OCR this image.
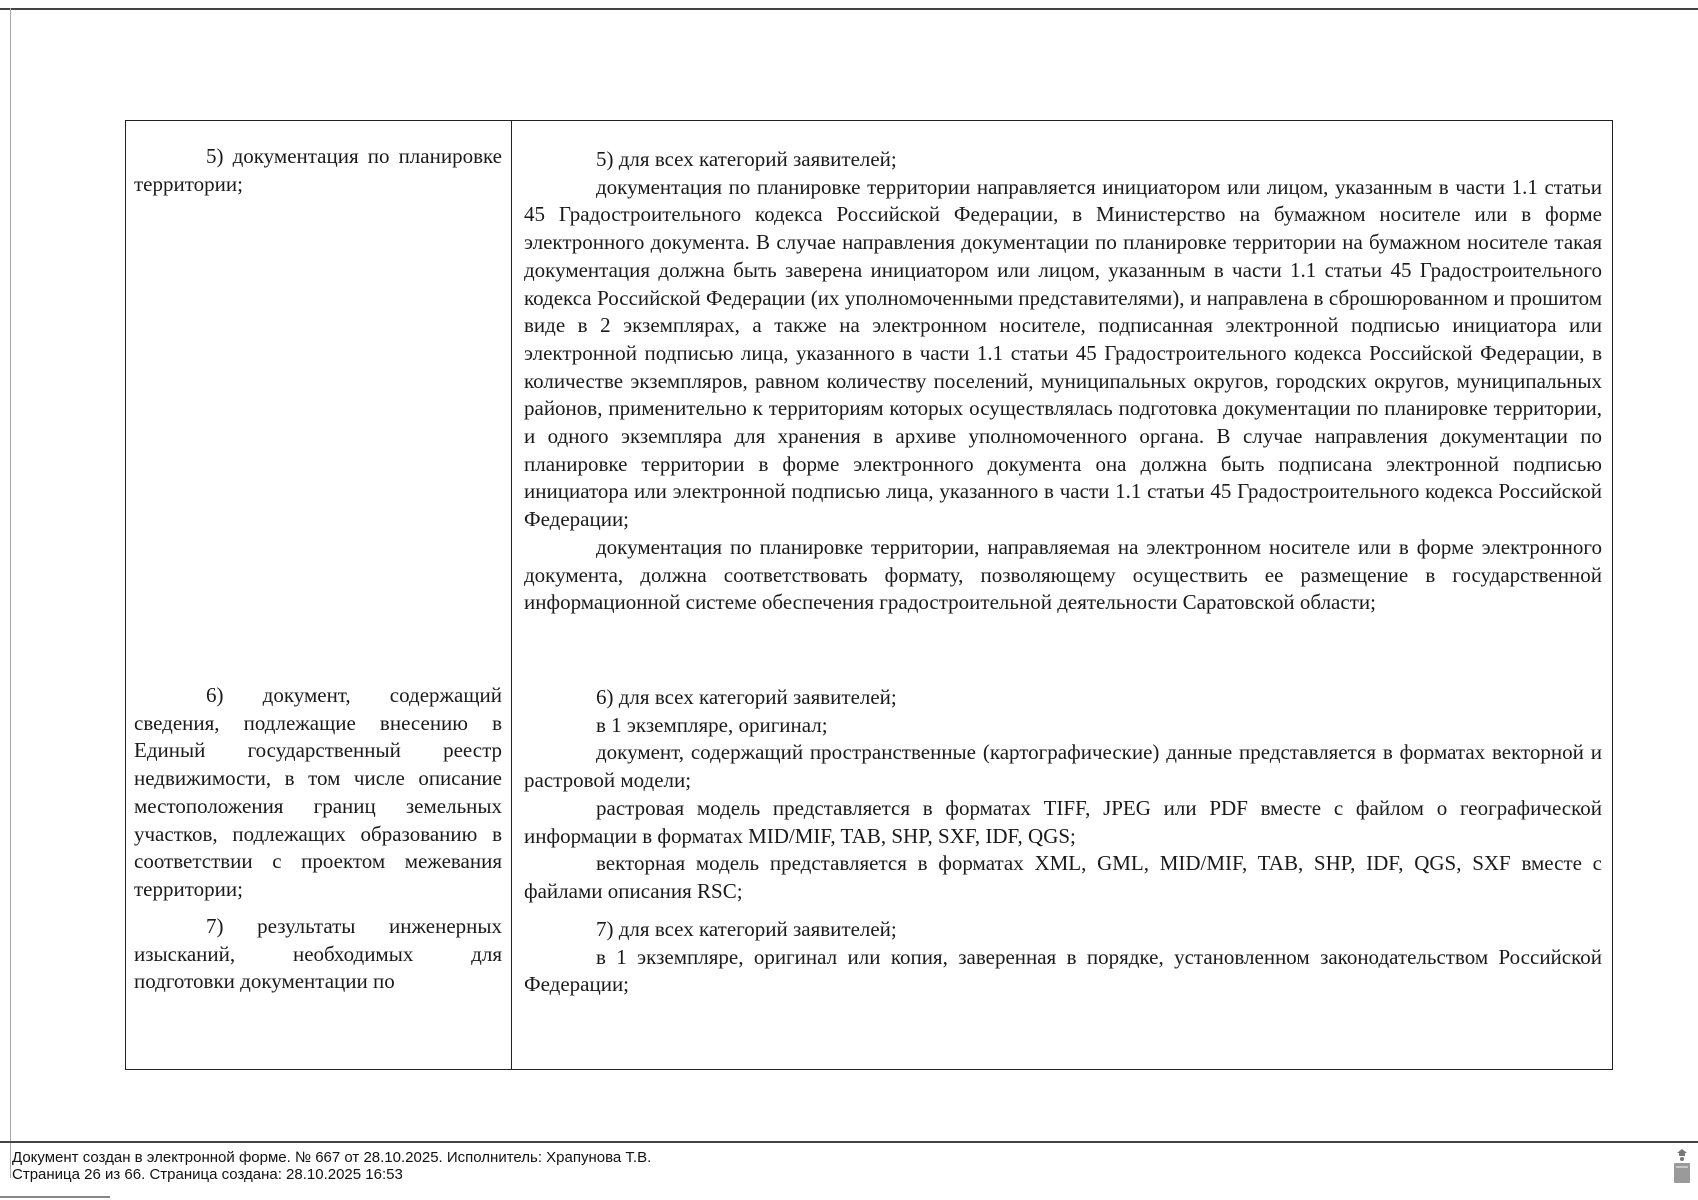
5) документация по планировке территории;

6) документ, содержащий сведения, подлежащие внесению в Единый государственный реестр недвижимости, в том числе описание местоположения границ земельных участков, подлежащих образованию в соответствии с проектом межевания территории;

7) результаты инженерных изысканий, необходимых для подготовки документации по

5) для всех категорий заявителей;

документация по планировке территории направляется инициатором или лицом, указанным в части 1.1 статьи 45 Градостроительного кодекса Российской Федерации, в Министерство на бумажном носителе или в форме электронного документа. В случае направления документации по планировке территории на бумажном носителе такая документация должна быть заверена инициатором или лицом, указанным в части 1.1 статьи 45 Градостроительного кодекса Российской Федерации (их уполномоченными представителями), и направлена в сброшюрованном и прошитом виде в 2 экземплярах, а также на электронном носителе, подписанная электронной подписью инициатора или электронной подписью лица, указанного в части 1.1 статьи 45 Градостроительного кодекса Российской Федерации, в количестве экземпляров, равном количеству поселений, муниципальных округов, городских округов, муниципальных районов, применительно к территориям которых осуществлялась подготовка документации по планировке территории, и одного экземпляра для хранения в архиве уполномоченного органа. В случае направления документации по планировке территории в форме электронного документа она должна быть подписана электронной подписью инициатора или электронной подписью лица, указанного в части 1.1 статьи 45 Градостроительного кодекса Российской Федерации;

документация по планировке территории, направляемая на электронном носителе или в форме электронного документа, должна соответствовать формату, позволяющему осуществить ее размещение в государственной информационной системе обеспечения градостроительной деятельности Саратовской области;

6) для всех категорий заявителей;

в 1 экземпляре, оригинал;

документ, содержащий пространственные (картографические) данные представляется в форматах векторной и растровой модели;

растровая модель представляется в форматах TIFF, JPEG или PDF вместе с файлом о географической информации в форматах MID/MIF, TAB, SHP, SXF, IDF, QGS;

векторная модель представляется в форматах XML, GML, MID/MIF, TAB, SHP, IDF, QGS, SXF вместе с файлами описания RSC;

7) для всех категорий заявителей;

в 1 экземпляре, оригинал или копия, заверенная в порядке, установленном законодательством Российской Федерации;

Документ создан в электронной форме. № 667 от 28.10.2025. Исполнитель: Храпунова Т.В.
Страница 26 из 66. Страница создана: 28.10.2025 16:53
